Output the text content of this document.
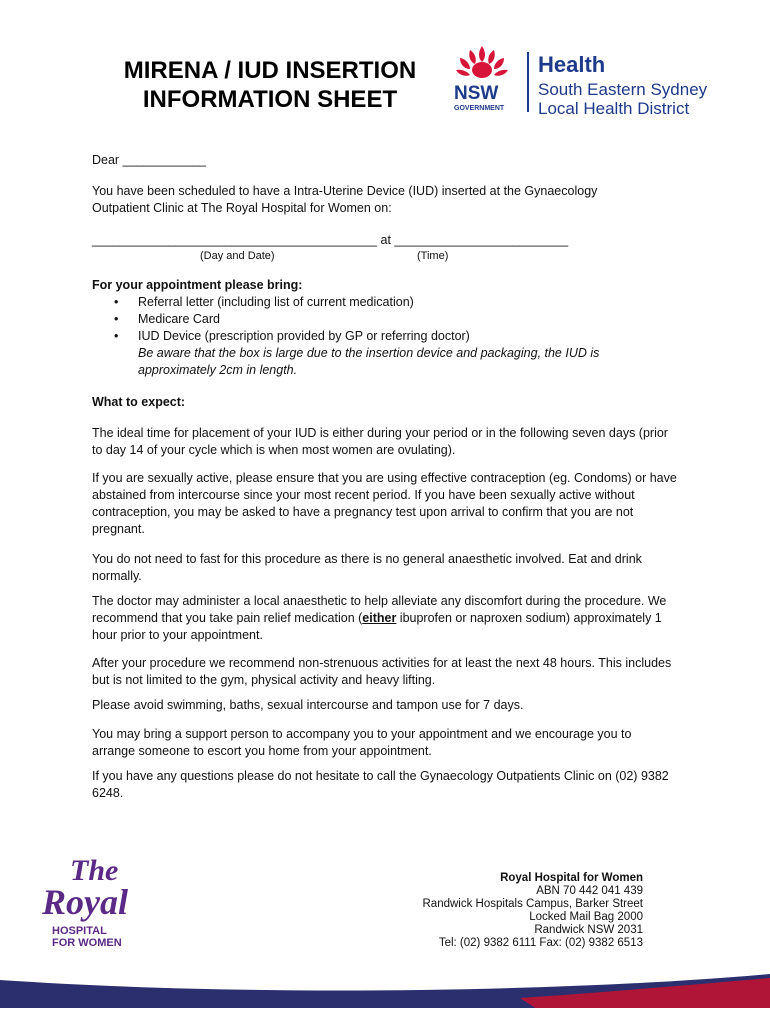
MIRENA / IUD INSERTION
INFORMATION SHEET	NSW
GOVERNMENT
Health
South Eastern Sydney
Local Health District
Dear ____________
You have been scheduled to have a Intra-Uterine Device (IUD) inserted at the Gynaecology Outpatient Clinic at The Royal Hospital for Women on:
_________________________________________ at _________________________
(Day and Date)	(Time)
For your appointment please bring:
• Referral letter (including list of current medication)
• Medicare Card
• IUD Device (prescription provided by GP or referring doctor)
Be aware that the box is large due to the insertion device and packaging, the IUD is approximately 2cm in length.
What to expect:
The ideal time for placement of your IUD is either during your period or in the following seven days (prior to day 14 of your cycle which is when most women are ovulating).
If you are sexually active, please ensure that you are using effective contraception (eg. Condoms) or have abstained from intercourse since your most recent period. If you have been sexually active without contraception, you may be asked to have a pregnancy test upon arrival to confirm that you are not pregnant.
You do not need to fast for this procedure as there is no general anaesthetic involved. Eat and drink normally.
The doctor may administer a local anaesthetic to help alleviate any discomfort during the procedure. We recommend that you take pain relief medication (either ibuprofen or naproxen sodium) approximately 1 hour prior to your appointment.
After your procedure we recommend non-strenuous activities for at least the next 48 hours. This includes but is not limited to the gym, physical activity and heavy lifting.
Please avoid swimming, baths, sexual intercourse and tampon use for 7 days.
You may bring a support person to accompany you to your appointment and we encourage you to arrange someone to escort you home from your appointment.
If you have any questions please do not hesitate to call the Gynaecology Outpatients Clinic on (02) 9382 6248.
The
Royal
HOSPITAL
FOR WOMEN
Royal Hospital for Women
ABN 70 442 041 439
Randwick Hospitals Campus, Barker Street
Locked Mail Bag 2000
Randwick NSW 2031
Tel: (02) 9382 6111 Fax: (02) 9382 6513
